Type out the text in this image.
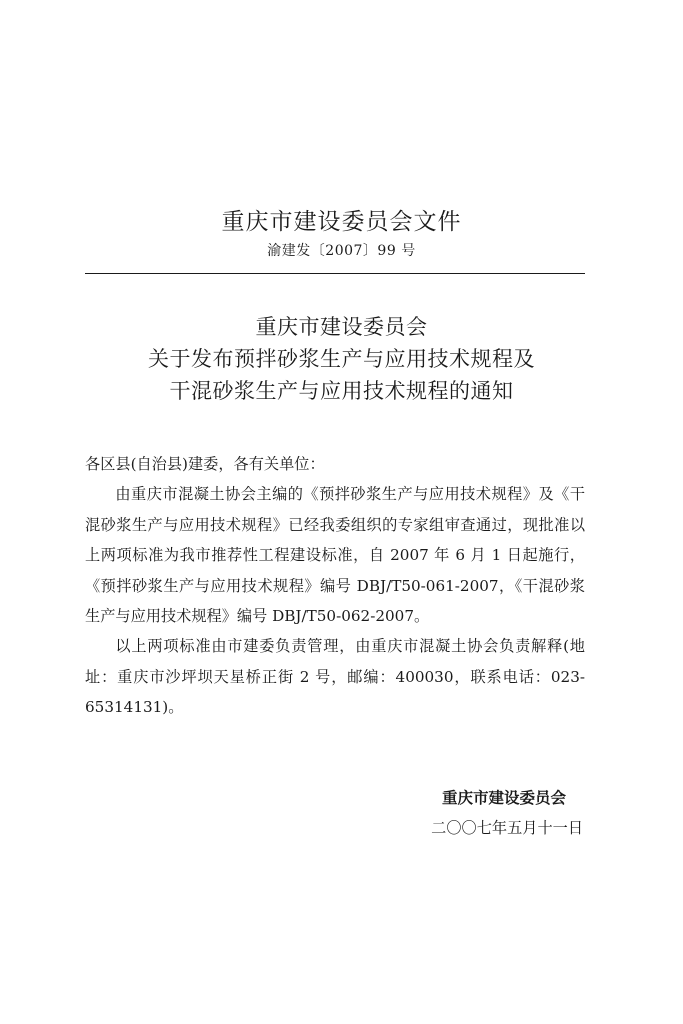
重庆市建设委员会文件
渝建发〔2007〕99 号
重庆市建设委员会
关于发布预拌砂浆生产与应用技术规程及
干混砂浆生产与应用技术规程的通知

各区县(自治县)建委，各有关单位：

由重庆市混凝土协会主编的《预拌砂浆生产与应用技术规程》及《干混砂浆生产与应用技术规程》已经我委组织的专家组审查通过，现批准以上两项标准为我市推荐性工程建设标准，自 2007 年 6 月 1 日起施行，《预拌砂浆生产与应用技术规程》编号 DBJ/T50-061-2007，《干混砂浆生产与应用技术规程》编号 DBJ/T50-062-2007。

以上两项标准由市建委负责管理，由重庆市混凝土协会负责解释(地址：重庆市沙坪坝天星桥正街 2 号，邮编：400030，联系电话：023-65314131)。

重庆市建设委员会
二〇〇七年五月十一日
